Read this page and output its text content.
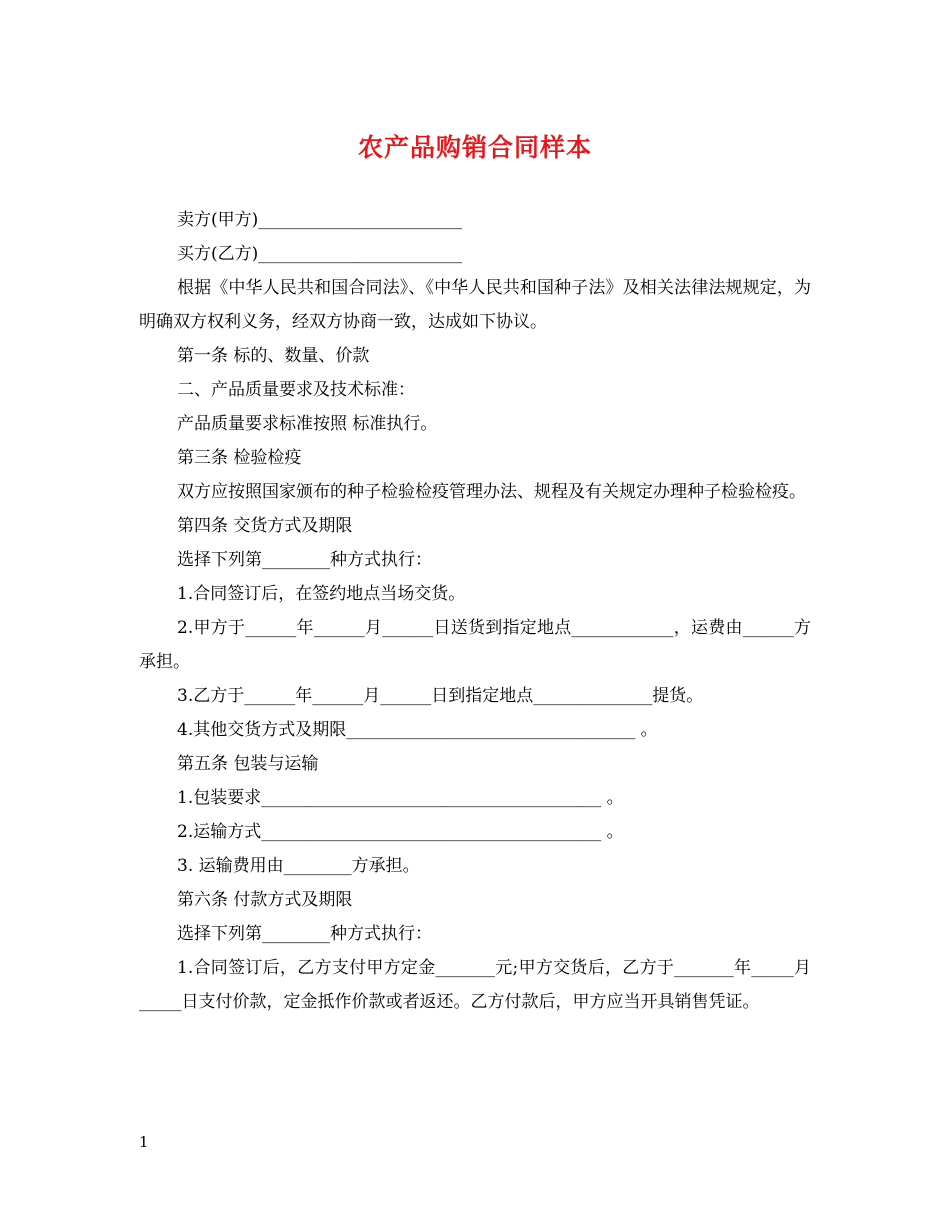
农产品购销合同样本

卖方(甲方)________________________

买方(乙方)________________________

根据《中华人民共和国合同法》、《中华人民共和国种子法》及相关法律法规规定，为明确双方权利义务，经双方协商一致，达成如下协议。

第一条 标的、数量、价款

二、产品质量要求及技术标准：

产品质量要求标准按照 标准执行。

第三条 检验检疫

双方应按照国家颁布的种子检验检疫管理办法、规程及有关规定办理种子检验检疫。

第四条 交货方式及期限

选择下列第________种方式执行：

1.合同签订后，在签约地点当场交货。

2.甲方于______年______月______日送货到指定地点____________，运费由______方承担。

3.乙方于______年______月______日到指定地点______________提货。

4.其他交货方式及期限__________________________________ 。

第五条 包装与运输

1.包装要求________________________________________ 。

2.运输方式________________________________________ 。

3. 运输费用由________方承担。

第六条 付款方式及期限

选择下列第________种方式执行：

1.合同签订后，乙方支付甲方定金_______元;甲方交货后，乙方于_______年_____月_____日支付价款，定金抵作价款或者返还。乙方付款后，甲方应当开具销售凭证。

1
